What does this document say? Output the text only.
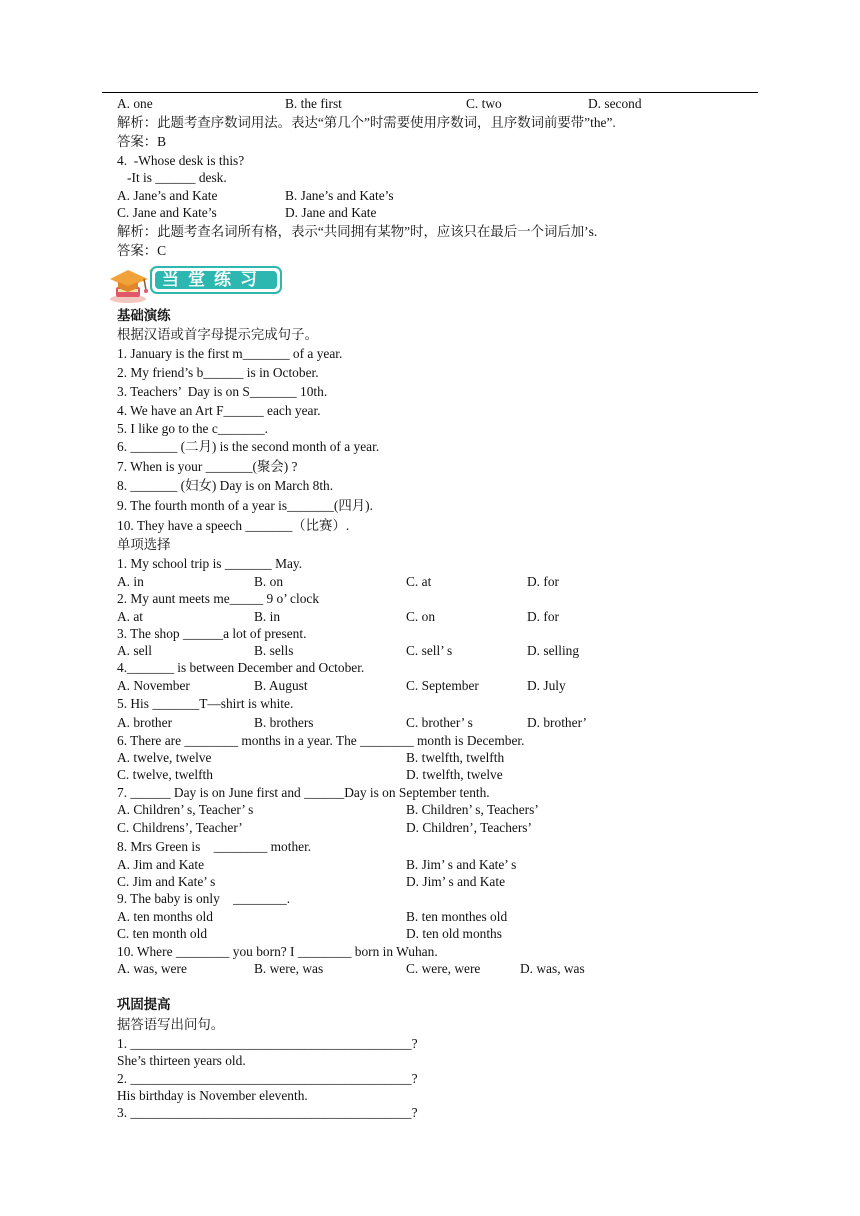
A. one	B. the first	C. two	D. second
解析：此题考查序数词用法。表达“第几个”时需要使用序数词，且序数词前要带”the”.
答案：B
4.  -Whose desk is this?
-It is ______ desk.
A. Jane’s and Kate	B. Jane’s and Kate’s
C. Jane and Kate’s	D. Jane and Kate
解析：此题考查名词所有格，表示“共同拥有某物”时，应该只在最后一个词后加’s.
答案：C
当堂练习
基础演练
根据汉语或首字母提示完成句子。
1. January is the first m_______ of a year.
2. My friend’s b______ is in October.
3. Teachers’  Day is on S_______ 10th.
4. We have an Art F______ each year.
5. I like go to the c_______.
6. _______ (二月) is the second month of a year.
7. When is your _______(聚会) ?
8. _______ (妇女) Day is on March 8th.
9. The fourth month of a year is_______(四月).
10. They have a speech _______（比赛）.
单项选择
1. My school trip is _______ May.
A. in	B. on	C. at	D. for
2. My aunt meets me_____ 9 o’ clock
A. at	B. in	C. on	D. for
3. The shop ______a lot of present.
A. sell	B. sells	C. sell’ s	D. selling
4._______ is between December and October.
A. November	B. August	C. September	D. July
5. His _______T—shirt is white.
A. brother	B. brothers	C. brother’ s	D. brother’
6. There are ________ months in a year. The ________ month is December.
A. twelve, twelve	B. twelfth, twelfth
C. twelve, twelfth	D. twelfth, twelve
7. ______ Day is on June first and ______Day is on September tenth.
A. Children’ s, Teacher’ s	B. Children’ s, Teachers’
C. Childrens’, Teacher’	D. Children’, Teachers’
8. Mrs Green is    ________ mother.
A. Jim and Kate	B. Jim’ s and Kate’ s
C. Jim and Kate’ s	D. Jim’ s and Kate
9. The baby is only    ________.
A. ten months old	B. ten monthes old
C. ten month old	D. ten old months
10. Where ________ you born? I ________ born in Wuhan.
A. was, were	B. were, was	C. were, were	D. was, was
巩固提高
据答语写出问句。
1. __________________________________________?
She’s thirteen years old.
2. __________________________________________?
His birthday is November eleventh.
3. __________________________________________?
